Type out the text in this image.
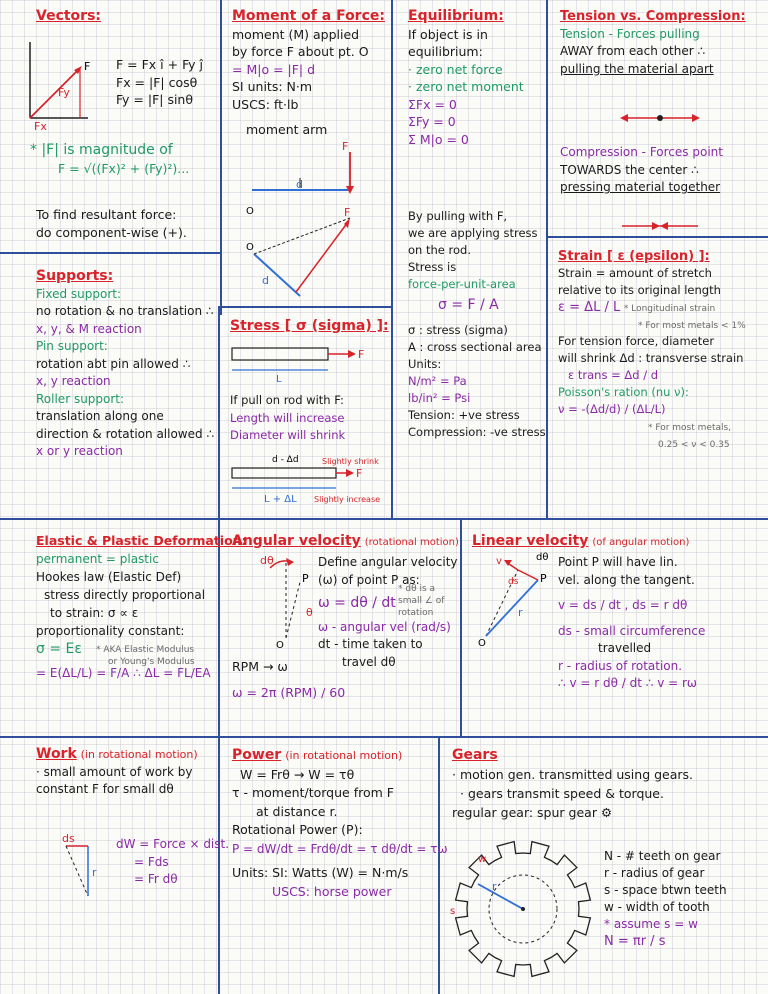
Vectors:
F
Fy
Fx
F = Fx î + Fy ĵ
Fx = |F| cosθ
Fy = |F| sinθ
* |F| is magnitude of
F = √((Fx)² + (Fy)²)...
To find resultant force:
do component-wise (+).
Moment of a Force:
moment (M) applied
by force F about pt. O
= M|o = |F| d
SI units: N·m
USCS: ft·lb
moment arm
F
d
O
O
d
F
Equilibrium:
If object is in
equilibrium:
· zero net force
· zero net moment
ΣFx = 0
ΣFy = 0
Σ M|o = 0
By pulling with F,
we are applying stress
on the rod.
Stress is
force-per-unit-area
σ = F / A
σ : stress (sigma)
A : cross sectional area
Units:
N/m² = Pa
lb/in² = Psi
Tension: +ve stress
Compression: -ve stress
Tension vs. Compression:
Tension - Forces pulling
AWAY from each other ∴
pulling the material apart
Compression - Forces point
TOWARDS the center ∴
pressing material together
Strain [ ε (epsilon) ]:
Strain = amount of stretch
relative to its original length
ε = ΔL / L * Longitudinal strain
* For most metals < 1%
For tension force, diameter
will shrink Δd : transverse strain
ε trans = Δd / d
Poisson's ration (nu ν):
ν = -(Δd/d) / (ΔL/L)
* For most metals,
0.25 < ν < 0.35
Supports:
Fixed support:
no rotation & no translation ∴
x, y, & M reaction
Pin support:
rotation abt pin allowed ∴
x, y reaction
Roller support:
translation along one
direction & rotation allowed ∴
x or y reaction
Stress [ σ (sigma) ]:
F
L
If pull on rod with F:
Length will increase
Diameter will shrink
d - Δd	Slightly shrink
F
L + ΔL Slightly increase
Elastic & Plastic Deformation:
permanent = plastic
Hookes law (Elastic Def)
stress directly proportional
to strain: σ ∝ ε
proportionality constant:
σ = Eε
= E(ΔL/L) = F/A ∴ ΔL = FL/EA
* AKA Elastic Modulus
or Young's Modulus
Angular velocity (rotational motion)
dθ
P
θ
O
Define angular velocity
(ω) of point P as:
ω = dθ / dt
* dθ is a
small ∠ of
rotation
ω - angular vel (rad/s)
dt - time taken to
travel dθ
RPM → ω
ω = 2π (RPM) / 60
Linear velocity (of angular motion)
v
ds
dθ
P
r
O
Point P will have lin.
vel. along the tangent.
v = ds / dt , ds = r dθ
ds - small circumference
travelled
r - radius of rotation.
∴ v = r dθ / dt ∴ v = rω
Work (in rotational motion)
· small amount of work by
constant F for small dθ
ds
r
dW = Force × dist.
= Fds
= Fr dθ
Power (in rotational motion)
W = Frθ → W = τθ
τ - moment/torque from F
at distance r.
Rotational Power (P):
P = dW/dt = Frdθ/dt = τ dθ/dt = τω
Units: SI: Watts (W) = N·m/s
USCS: horse power
Gears
· motion gen. transmitted using gears.
· gears transmit speed & torque.
regular gear: spur gear ⚙
r
w
s
N - # teeth on gear
r - radius of gear
s - space btwn teeth
w - width of tooth
* assume s = w
N = πr / s
